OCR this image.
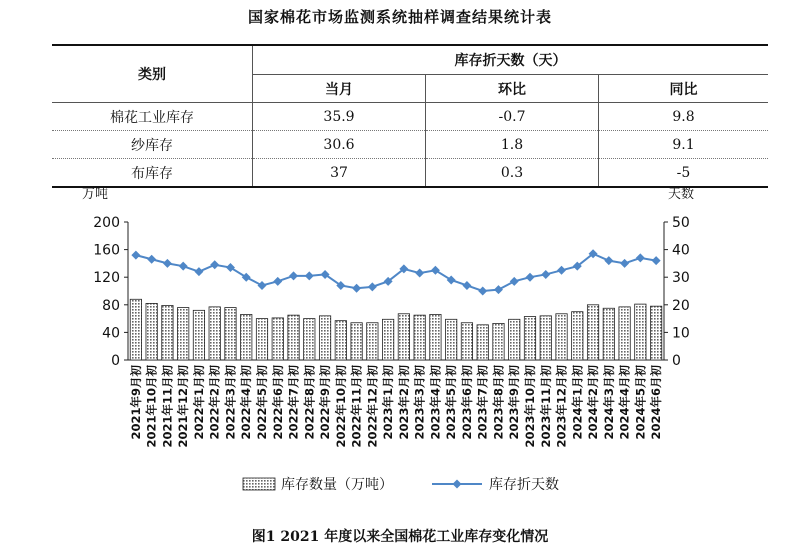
国家棉花市场监测系统抽样调查结果统计表
类别	库存折天数（天）		
	当月	环比	同比
棉花工业库存	35.9	-0.7	9.8
纱库存	30.6	1.8	9.1
布库存	37	0.3	-5
万吨	天数
0
40
80
120
160
200
0
10
20
30
40
50
2021年9月初 2021年10月初 2021年11月初 2021年12月初 2022年1月初 2022年2月初 2022年3月初 2022年4月初 2022年5月初 2022年6月初 2022年7月初 2022年8月初 2022年9月初 2022年10月初 2022年11月初 2022年12月初 2023年1月初 2023年2月初 2023年3月初 2023年4月初 2023年5月初 2023年6月初 2023年7月初 2023年8月初 2023年9月初 2023年10月初 2023年11月初 2023年12月初 2024年1月初 2024年2月初 2024年3月初 2024年4月初 2024年5月初 2024年6月初
库存数量（万吨）	库存折天数
图1 2021 年度以来全国棉花工业库存变化情况
